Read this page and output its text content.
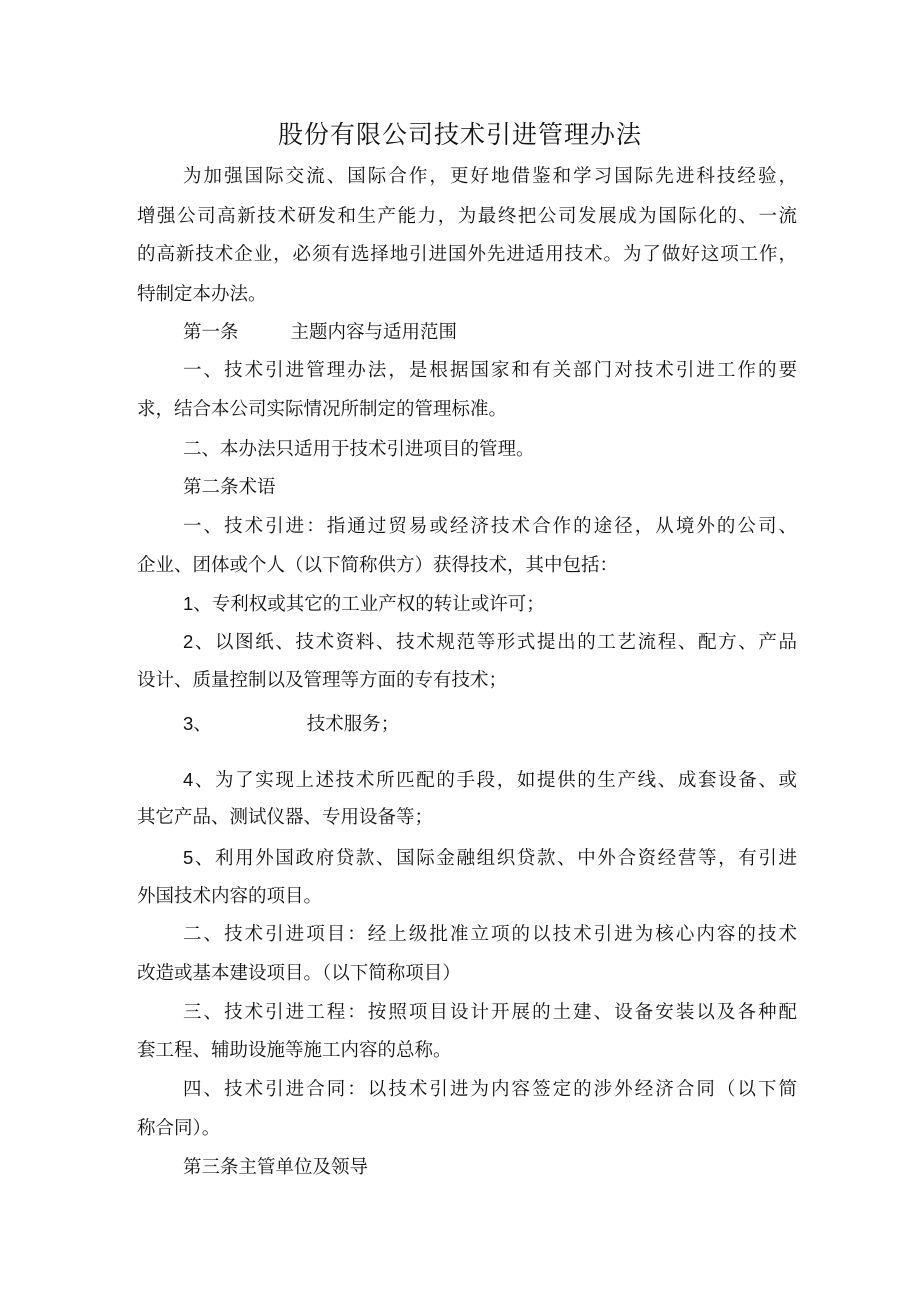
股份有限公司技术引进管理办法
为加强国际交流、国际合作，更好地借鉴和学习国际先进科技经验，
增强公司高新技术研发和生产能力，为最终把公司发展成为国际化的、一流
的高新技术企业，必须有选择地引进国外先进适用技术。为了做好这项工作，
特制定本办法。
第一条	主题内容与适用范围
一、技术引进管理办法，是根据国家和有关部门对技术引进工作的要
求，结合本公司实际情况所制定的管理标准。
二、本办法只适用于技术引进项目的管理。
第二条术语
一、技术引进：指通过贸易或经济技术合作的途径，从境外的公司、
企业、团体或个人（以下简称供方）获得技术，其中包括：
1、专利权或其它的工业产权的转让或许可；
2、以图纸、技术资料、技术规范等形式提出的工艺流程、配方、产品
设计、质量控制以及管理等方面的专有技术；
3、	技术服务；
4、为了实现上述技术所匹配的手段，如提供的生产线、成套设备、或
其它产品、测试仪器、专用设备等；
5、利用外国政府贷款、国际金融组织贷款、中外合资经营等，有引进
外国技术内容的项目。
二、技术引进项目：经上级批准立项的以技术引进为核心内容的技术
改造或基本建设项目。（以下简称项目）
三、技术引进工程：按照项目设计开展的土建、设备安装以及各种配
套工程、辅助设施等施工内容的总称。
四、技术引进合同：以技术引进为内容签定的涉外经济合同（以下简
称合同）。
第三条主管单位及领导
